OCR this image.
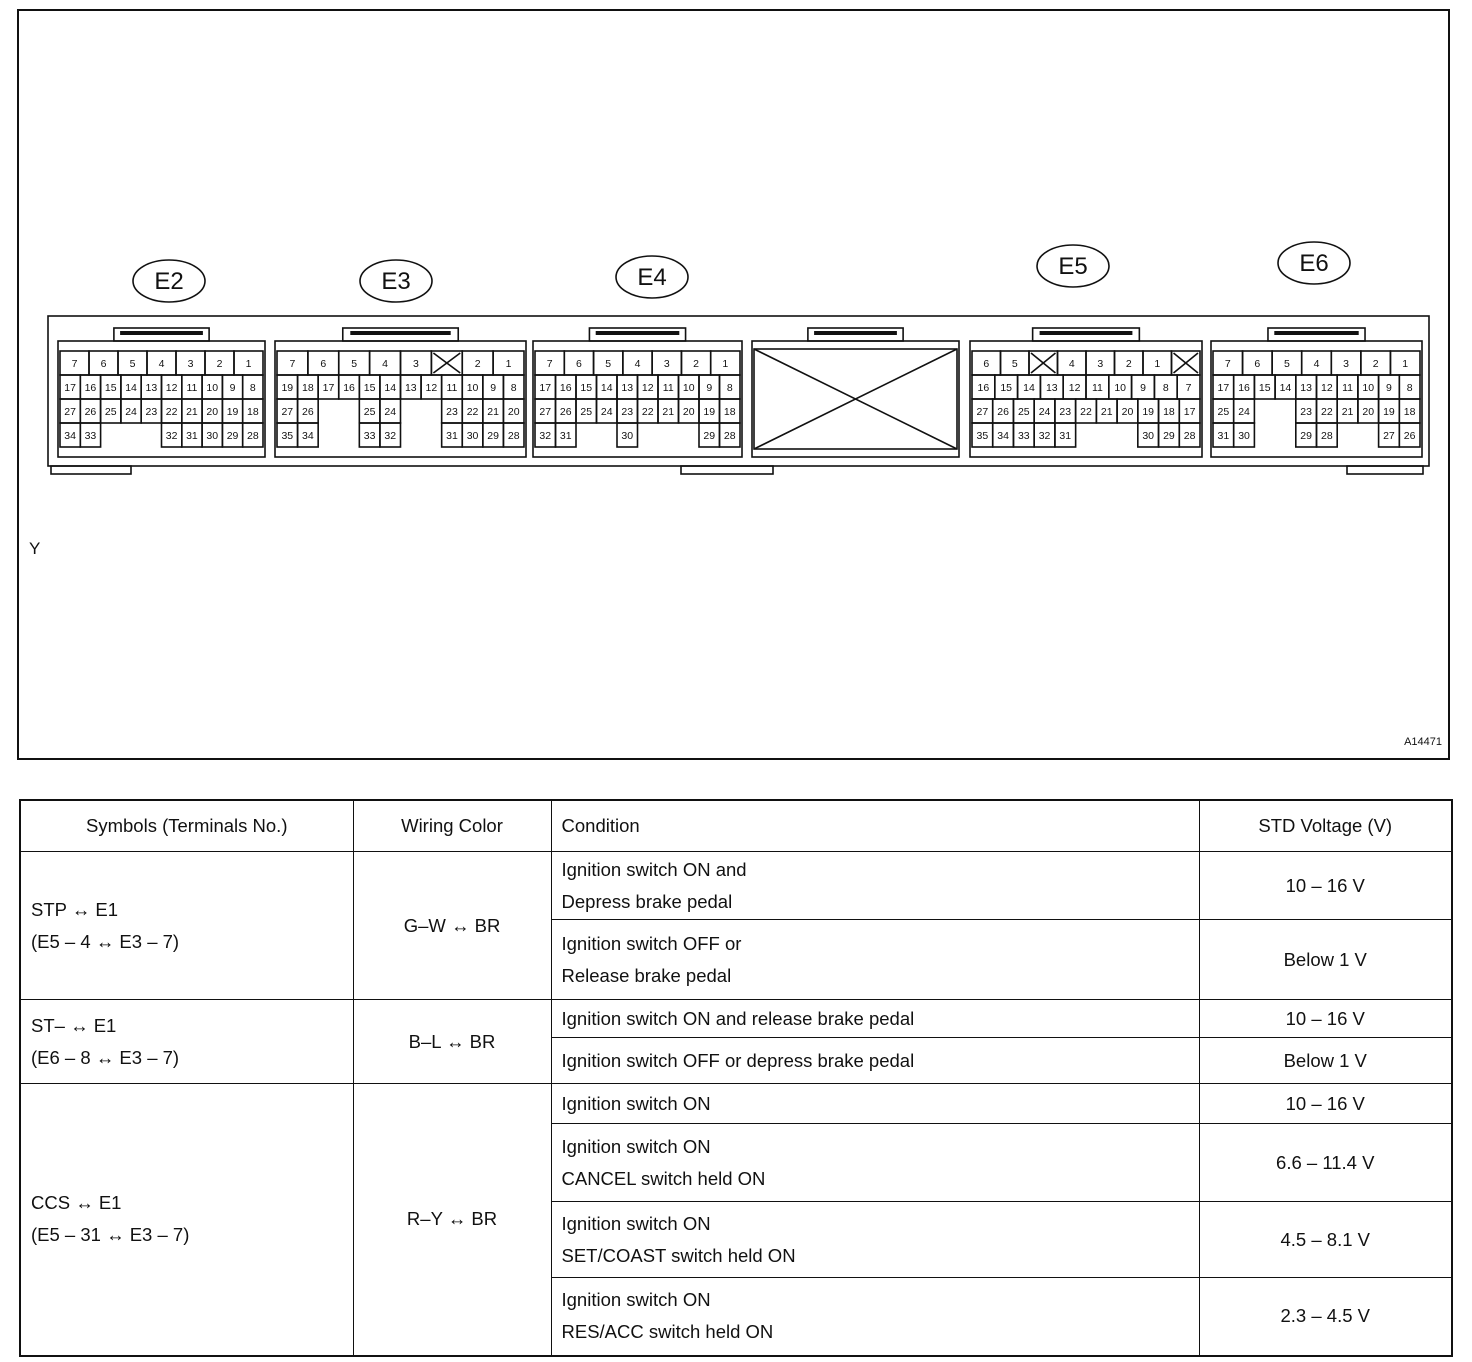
E2
7 6 5 4 3 2 1
17 16 15 14 13 12 11 10 9 8
27 26 25 24 23 22 21 20 19 18
34 33	32 31 30 29 28
E3
7 6 5 4 3	2 1
19 18 17 16 15 14 13 12 11 10 9 8
27 26	25 24	23 22 21 20
35 34	33 32	31 30 29 28
E4
7 6 5 4 3 2 1
17 16 15 14 13 12 11 10 9 8
27 26 25 24 23 22 21 20 19 18
32 31	30	29 28
E5
6 5	4 3 2 1
16 15 14 13 12 11 10 9 8 7
27 26 25 24 23 22 21 20 19 18 17
35 34 33 32 31	30 29 28
E6
7 6 5 4 3 2 1
17 16 15 14 13 12 11 10 9 8
25 24	23 22 21 20 19 18
31 30	29 28	27 26
Y
A14471
Symbols (Terminals No.)	Wiring Color	Condition	STD Voltage (V)

STP ↔ E1
(E5 – 4 ↔ E3 – 7)	G–W ↔ BR	Ignition switch ON and
Depress brake pedal	10 – 16 V

		Ignition switch OFF or
Release brake pedal	Below 1 V

ST– ↔ E1
(E6 – 8 ↔ E3 – 7)	B–L ↔ BR	Ignition switch ON and release brake pedal	10 – 16 V
		Ignition switch OFF or depress brake pedal	Below 1 V

CCS ↔ E1
(E5 – 31 ↔ E3 – 7)	R–Y ↔ BR	Ignition switch ON	10 – 16 V

		Ignition switch ON
CANCEL switch held ON	6.6 – 11.4 V

		Ignition switch ON
SET/COAST switch held ON	4.5 – 8.1 V

		Ignition switch ON
RES/ACC switch held ON	2.3 – 4.5 V
